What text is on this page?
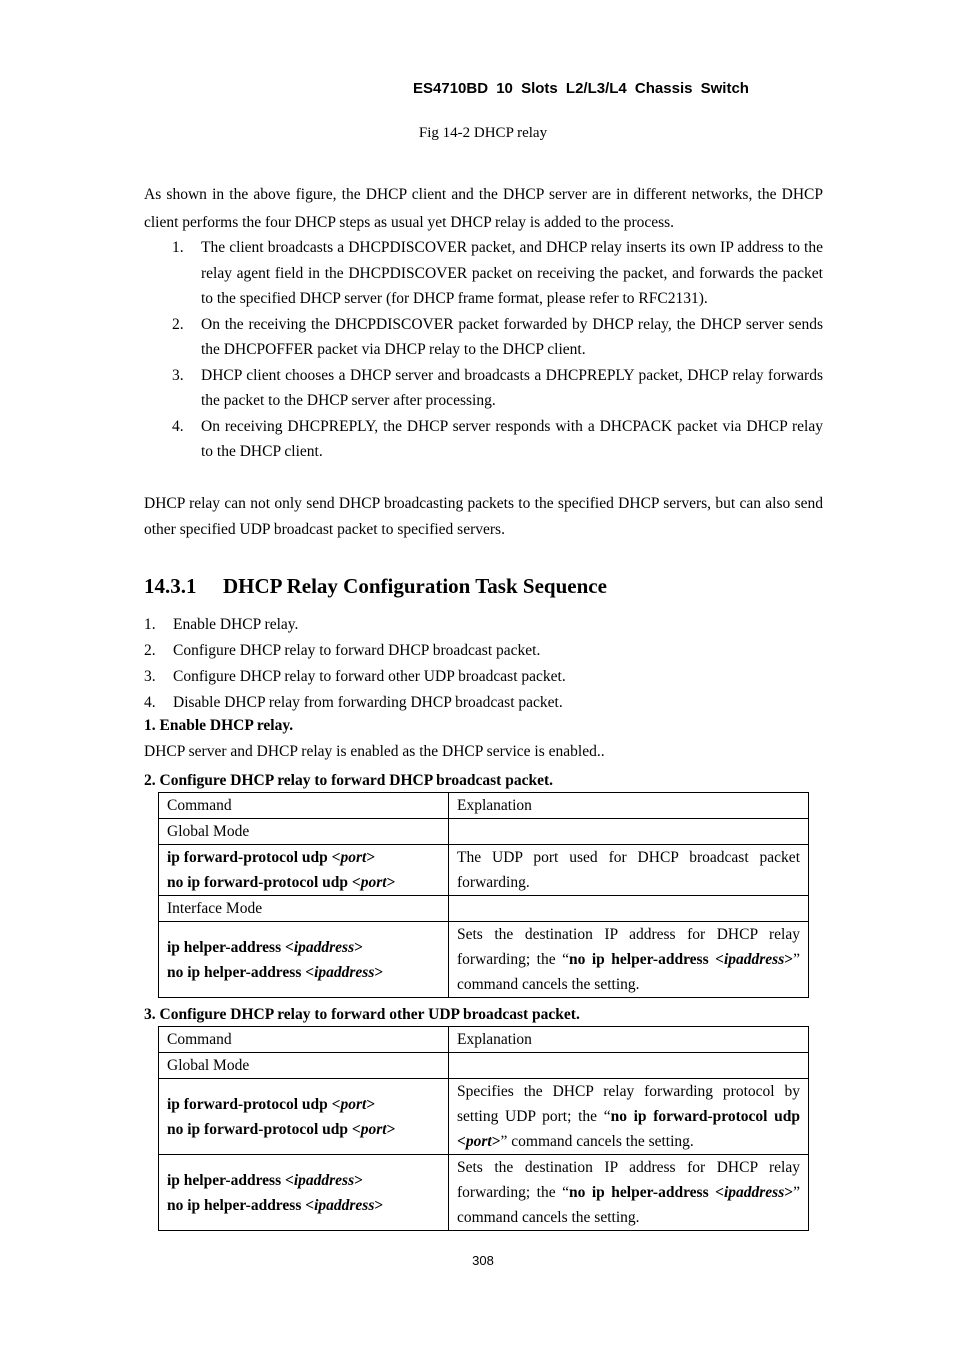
ES4710BD 10 Slots L2/L3/L4 Chassis Switch
Fig 14-2 DHCP relay
As shown in the above figure, the DHCP client and the DHCP server are in different networks, the DHCP client performs the four DHCP steps as usual yet DHCP relay is added to the process.
1. The client broadcasts a DHCPDISCOVER packet, and DHCP relay inserts its own IP address to the relay agent field in the DHCPDISCOVER packet on receiving the packet, and forwards the packet to the specified DHCP server (for DHCP frame format, please refer to RFC2131).
2. On the receiving the DHCPDISCOVER packet forwarded by DHCP relay, the DHCP server sends the DHCPOFFER packet via DHCP relay to the DHCP client.
3. DHCP client chooses a DHCP server and broadcasts a DHCPREPLY packet, DHCP relay forwards the packet to the DHCP server after processing.
4. On receiving DHCPREPLY, the DHCP server responds with a DHCPACK packet via DHCP relay to the DHCP client.
DHCP relay can not only send DHCP broadcasting packets to the specified DHCP servers, but can also send other specified UDP broadcast packet to specified servers.
14.3.1 DHCP Relay Configuration Task Sequence
1. Enable DHCP relay.
2. Configure DHCP relay to forward DHCP broadcast packet.
3. Configure DHCP relay to forward other UDP broadcast packet.
4. Disable DHCP relay from forwarding DHCP broadcast packet.
1. Enable DHCP relay.
DHCP server and DHCP relay is enabled as the DHCP service is enabled..
2. Configure DHCP relay to forward DHCP broadcast packet.
Command	Explanation
Global Mode	

ip forward-protocol udp <port>
no ip forward-protocol udp <port>	The UDP port used for DHCP broadcast packet forwarding.
Interface Mode	

ip helper-address <ipaddress>
no ip helper-address <ipaddress>	Sets the destination IP address for DHCP relay forwarding; the “no ip helper-address <ipaddress>” command cancels the setting.
3. Configure DHCP relay to forward other UDP broadcast packet.
Command	Explanation
Global Mode	

ip forward-protocol udp <port>
no ip forward-protocol udp <port>	Specifies the DHCP relay forwarding protocol by setting UDP port; the “no ip forward-protocol udp <port>” command cancels the setting.

ip helper-address <ipaddress>
no ip helper-address <ipaddress>	Sets the destination IP address for DHCP relay forwarding; the “no ip helper-address <ipaddress>” command cancels the setting.
308
